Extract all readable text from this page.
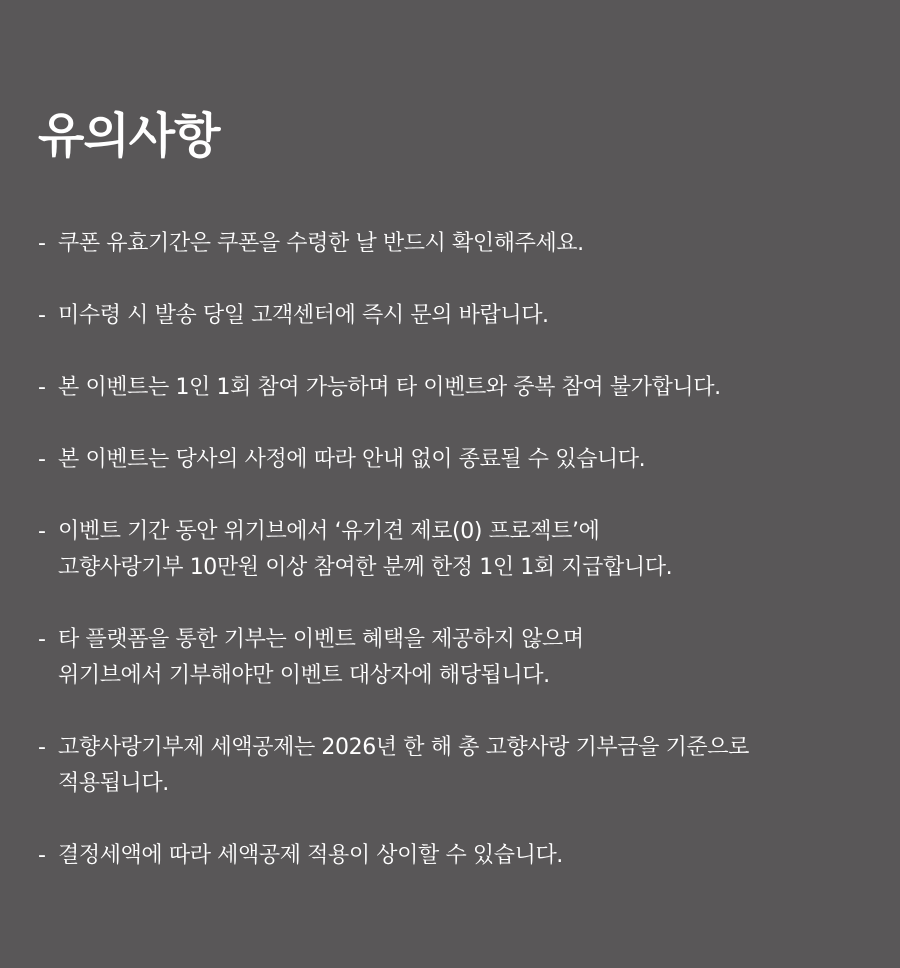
유의사항
- 쿠폰 유효기간은 쿠폰을 수령한 날 반드시 확인해주세요.
- 미수령 시 발송 당일 고객센터에 즉시 문의 바랍니다.
- 본 이벤트는 1인 1회 참여 가능하며 타 이벤트와 중복 참여 불가합니다.
- 본 이벤트는 당사의 사정에 따라 안내 없이 종료될 수 있습니다.
- 이벤트 기간 동안 위기브에서 ‘유기견 제로(0) 프로젝트’에
고향사랑기부 10만원 이상 참여한 분께 한정 1인 1회 지급합니다.
- 타 플랫폼을 통한 기부는 이벤트 혜택을 제공하지 않으며
위기브에서 기부해야만 이벤트 대상자에 해당됩니다.
- 고향사랑기부제 세액공제는 2026년 한 해 총 고향사랑 기부금을 기준으로
적용됩니다.
- 결정세액에 따라 세액공제 적용이 상이할 수 있습니다.
